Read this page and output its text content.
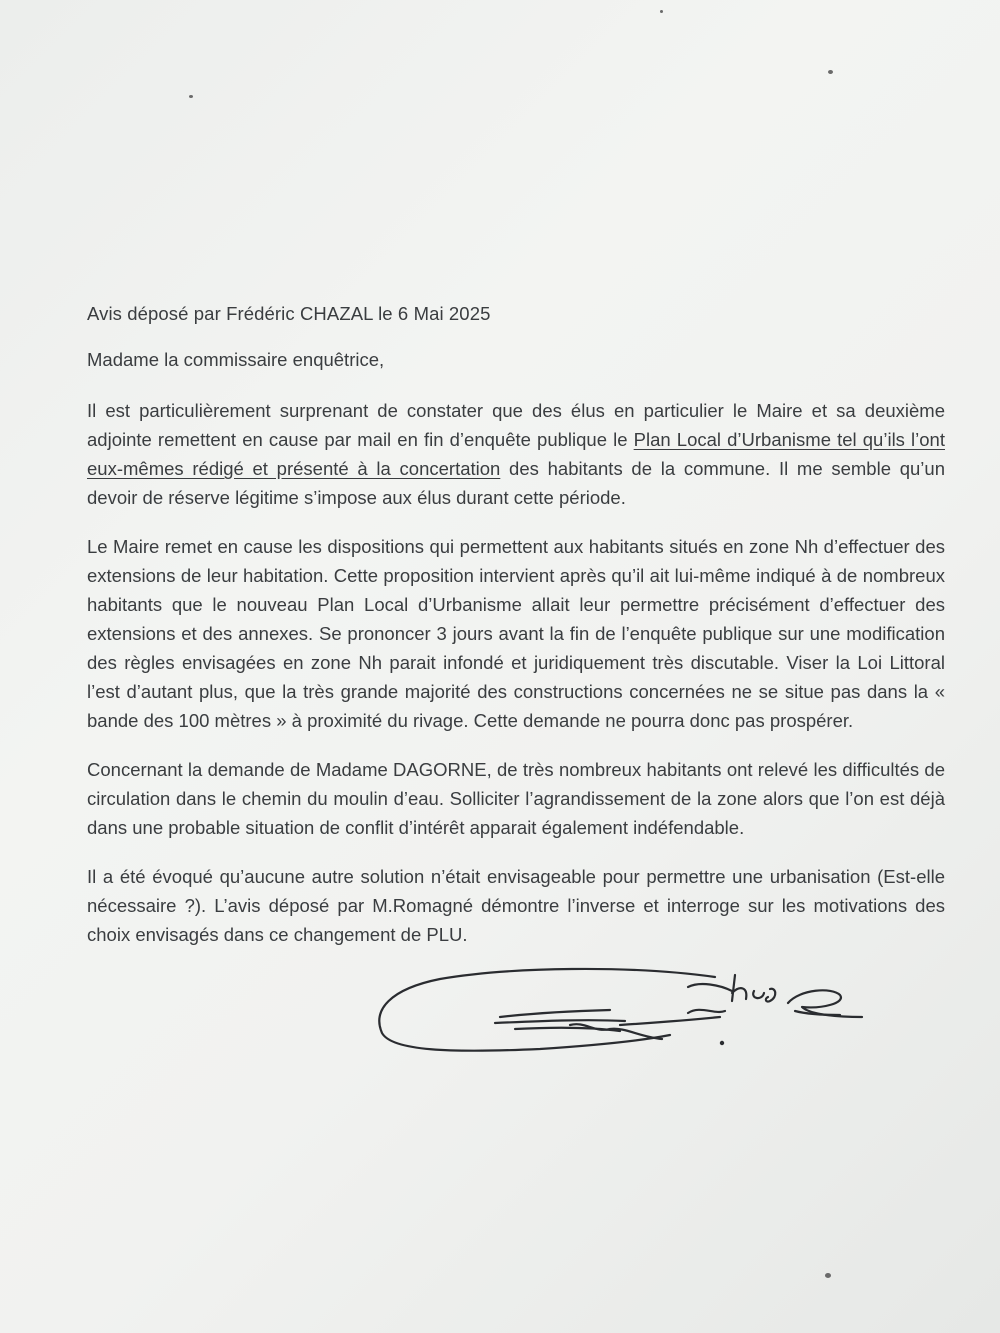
Avis déposé par Frédéric CHAZAL le 6 Mai 2025

Madame la commissaire enquêtrice,

Il est particulièrement surprenant de constater que des élus en particulier le Maire et sa deuxième adjointe remettent en cause par mail en fin d’enquête publique le Plan Local d’Urbanisme tel qu’ils l’ont eux-mêmes rédigé et présenté à la concertation des habitants de la commune. Il me semble qu’un devoir de réserve légitime s’impose aux élus durant cette période.

Le Maire remet en cause les dispositions qui permettent aux habitants situés en zone Nh d’effectuer des extensions de leur habitation. Cette proposition intervient après qu’il ait lui-même indiqué à de nombreux habitants que le nouveau Plan Local d’Urbanisme allait leur permettre précisément d’effectuer des extensions et des annexes. Se prononcer 3 jours avant la fin de l’enquête publique sur une modification des règles envisagées en zone Nh parait infondé et juridiquement très discutable. Viser la Loi Littoral l’est d’autant plus, que la très grande majorité des constructions concernées ne se situe pas dans la « bande des 100 mètres » à proximité du rivage. Cette demande ne pourra donc pas prospérer.

Concernant la demande de Madame DAGORNE, de très nombreux habitants ont relevé les difficultés de circulation dans le chemin du moulin d’eau. Solliciter l’agrandissement de la zone alors que l’on est déjà dans une probable situation de conflit d’intérêt apparait également indéfendable.

Il a été évoqué qu’aucune autre solution n’était envisageable pour permettre une urbanisation (Est-elle nécessaire ?). L’avis déposé par M.Romagné démontre l’inverse et interroge sur les motivations des choix envisagés dans ce changement de PLU.
